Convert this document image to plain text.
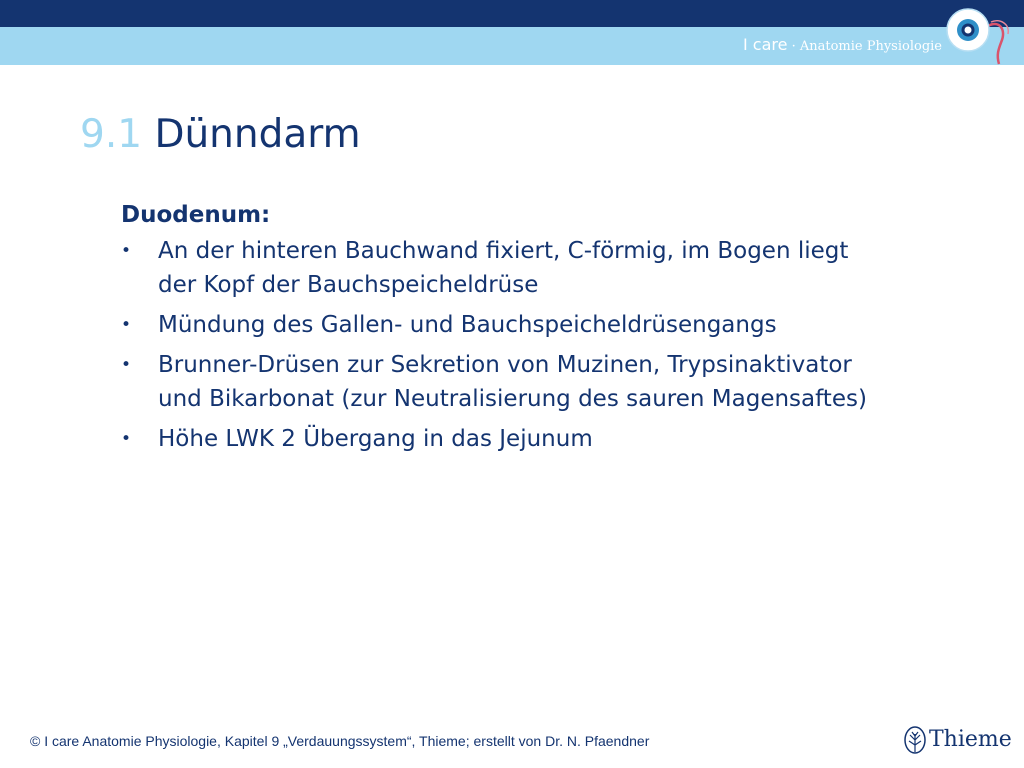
I care · Anatomie Physiologie
9.1 Dünndarm
Duodenum:
• An der hinteren Bauchwand fixiert, C-förmig, im Bogen liegt der Kopf der Bauchspeicheldrüse
• Mündung des Gallen- und Bauchspeicheldrüsengangs
• Brunner-Drüsen zur Sekretion von Muzinen, Trypsinaktivator und Bikarbonat (zur Neutralisierung des sauren Magensaftes)
• Höhe LWK 2 Übergang in das Jejunum
© I care Anatomie Physiologie, Kapitel 9 „Verdauungssystem“, Thieme; erstellt von Dr. N. Pfaendner	Thieme
